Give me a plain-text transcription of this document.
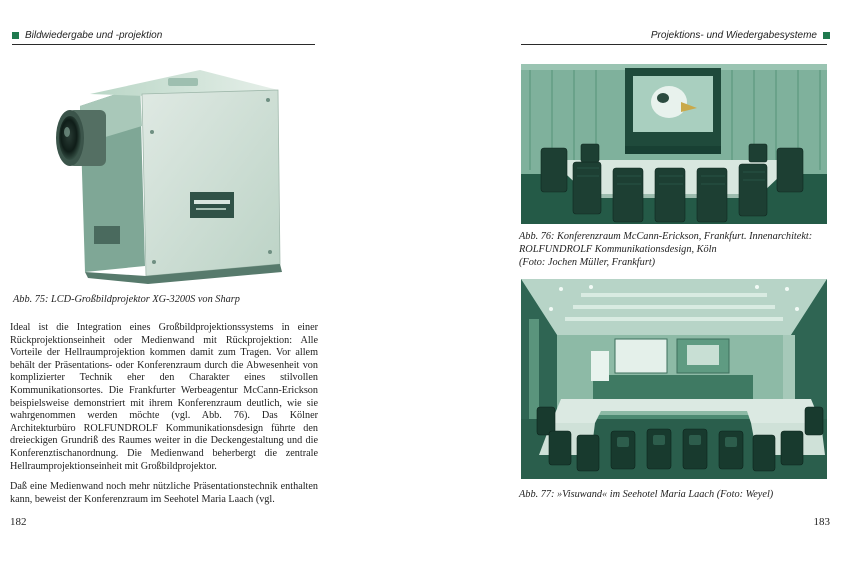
Bildwiedergabe und -projektion
Abb. 75: LCD-Großbildprojektor XG-3200S von Sharp

Ideal ist die Integration eines Großbildprojektionssystems in einer Rückprojektionseinheit oder Medienwand mit Rückprojektion: Alle Vorteile der Hellraumprojektion kommen damit zum Tragen. Vor allem behält der Präsentations- oder Konferenzraum durch die Abwesenheit von komplizierter Technik eher den Charakter eines stilvollen Kommunikationsortes. Die Frankfurter Werbeagentur McCann-Erickson beispielsweise demonstriert mit ihrem Konferenzraum deutlich, wie sie wahrgenommen werden möchte (vgl. Abb. 76). Das Kölner Architekturbüro ROLFUNDROLF Kommunikationsdesign führte den dreieckigen Grundriß des Raumes weiter in die Deckengestaltung und die Konferenztischanordnung. Die Medienwand beherbergt die zentrale Hellraumprojektionseinheit mit Großbildprojektor.

Daß eine Medienwand noch mehr nützliche Präsentationstechnik enthalten kann, beweist der Konferenzraum im Seehotel Maria Laach (vgl.

182
Projektions- und Wiedergabesysteme
Abb. 76: Konferenzraum McCann-Erickson, Frankfurt. Innenarchitekt:
ROLFUNDROLF Kommunikationsdesign, Köln
(Foto: Jochen Müller, Frankfurt)
Abb. 77: »Visuwand« im Seehotel Maria Laach (Foto: Weyel)
183
